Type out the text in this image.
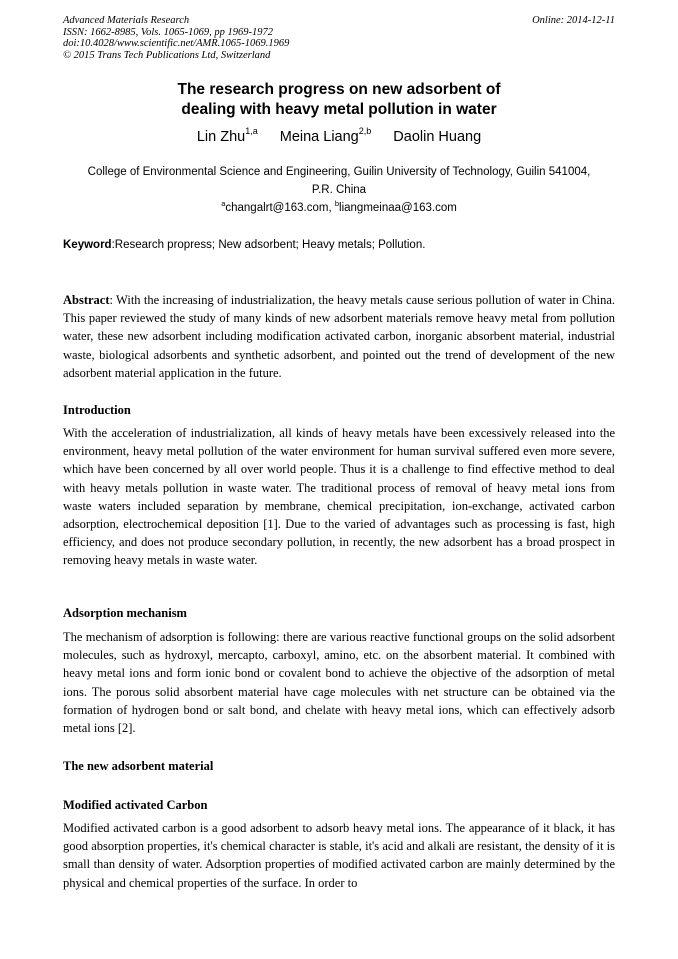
Advanced Materials Research
ISSN: 1662-8985, Vols. 1065-1069, pp 1969-1972
doi:10.4028/www.scientific.net/AMR.1065-1069.1969
© 2015 Trans Tech Publications Ltd, Switzerland
Online: 2014-12-11
The research progress on new adsorbent of
dealing with heavy metal pollution in water
Lin Zhu$^{1,a}$ Meina Liang$^{2,b}$ Daolin Huang
College of Environmental Science and Engineering, Guilin University of Technology, Guilin 541004,
P.R. China
$^a$changalrt@163.com, $^b$liangmeinaa@163.com
Keyword:Research propress; New adsorbent; Heavy metals; Pollution.

Abstract: With the increasing of industrialization, the heavy metals cause serious pollution of water in China. This paper reviewed the study of many kinds of new adsorbent materials remove heavy metal from pollution water, these new adsorbent including modification activated carbon, inorganic absorbent material, industrial waste, biological adsorbents and synthetic adsorbent, and pointed out the trend of development of the new adsorbent material application in the future.

Introduction

With the acceleration of industrialization, all kinds of heavy metals have been excessively released into the environment, heavy metal pollution of the water environment for human survival suffered even more severe, which have been concerned by all over world people. Thus it is a challenge to find effective method to deal with heavy metals pollution in waste water. The traditional process of removal of heavy metal ions from waste waters included separation by membrane, chemical precipitation, ion-exchange, activated carbon adsorption, electrochemical deposition [1]. Due to the varied of advantages such as processing is fast, high efficiency, and does not produce secondary pollution, in recently, the new adsorbent has a broad prospect in removing heavy metals in waste water.

Adsorption mechanism

The mechanism of adsorption is following: there are various reactive functional groups on the solid adsorbent molecules, such as hydroxyl, mercapto, carboxyl, amino, etc. on the absorbent material. It combined with heavy metal ions and form ionic bond or covalent bond to achieve the objective of the adsorption of metal ions. The porous solid absorbent material have cage molecules with net structure can be obtained via the formation of hydrogen bond or salt bond, and chelate with heavy metal ions, which can effectively adsorb metal ions [2].

The new adsorbent material
Modified activated Carbon

Modified activated carbon is a good adsorbent to adsorb heavy metal ions. The appearance of it black, it has good absorption properties, it's chemical character is stable, it's acid and alkali are resistant, the density of it is small than density of water. Adsorption properties of modified activated carbon are mainly determined by the physical and chemical properties of the surface. In order to
